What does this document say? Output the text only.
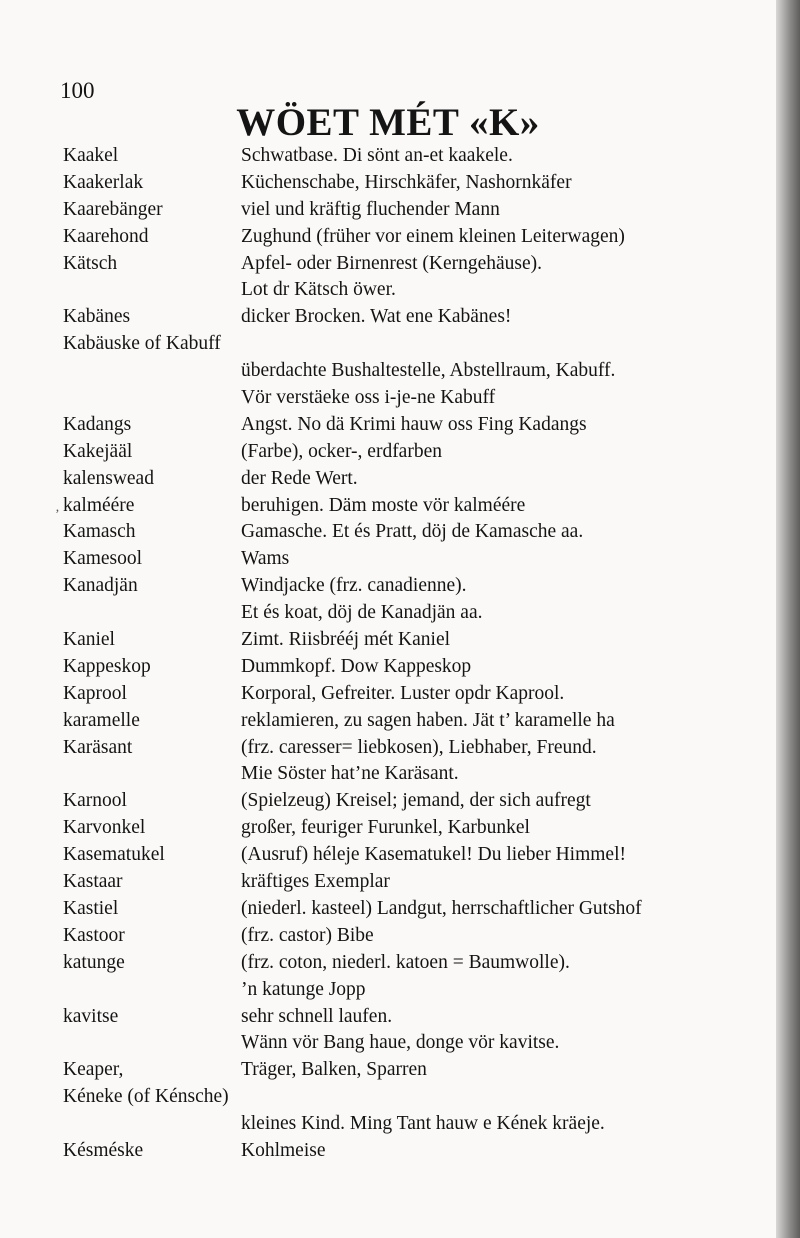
100
WÖET MÉT «K»
‚
Kaakel	Schwatbase. Di sönt an-et kaakele.
Kaakerlak	Küchenschabe, Hirschkäfer, Nashornkäfer
Kaarebänger	viel und kräftig fluchender Mann
Kaarehond	Zughund (früher vor einem kleinen Leiterwagen)
Kätsch	Apfel- oder Birnenrest (Kerngehäuse).
Lot dr Kätsch öwer.
Kabänes	dicker Brocken. Wat ene Kabänes!
Kabäuske of Kabuff
überdachte Bushaltestelle, Abstellraum, Kabuff.
Vör verstäeke oss i-je-ne Kabuff
Kadangs	Angst. No dä Krimi hauw oss Fing Kadangs
Kakejääl	(Farbe), ocker-, erdfarben
kalenswead	der Rede Wert.
kalméére	beruhigen. Däm moste vör kalméére
Kamasch	Gamasche. Et és Pratt, döj de Kamasche aa.
Kamesool	Wams
Kanadjän	Windjacke (frz. canadienne).
Et és koat, döj de Kanadjän aa.
Kaniel	Zimt. Riisbrééj mét Kaniel
Kappeskop	Dummkopf. Dow Kappeskop
Kaprool	Korporal, Gefreiter. Luster opdr Kaprool.
karamelle	reklamieren, zu sagen haben. Jät t’ karamelle ha
Karäsant	(frz. caresser= liebkosen), Liebhaber, Freund.
Mie Söster hat’ne Karäsant.
Karnool	(Spielzeug) Kreisel; jemand, der sich aufregt
Karvonkel	großer, feuriger Furunkel, Karbunkel
Kasematukel	(Ausruf) héleje Kasematukel! Du lieber Himmel!
Kastaar	kräftiges Exemplar
Kastiel	(niederl. kasteel) Landgut, herrschaftlicher Gutshof
Kastoor	(frz. castor) Bibe
katunge	(frz. coton, niederl. katoen = Baumwolle).
’n katunge Jopp
kavitse	sehr schnell laufen.
Wänn vör Bang haue, donge vör kavitse.
Keaper,	Träger, Balken, Sparren
Kéneke (of Kénsche)
kleines Kind. Ming Tant hauw e Kének kräeje.
Késméske	Kohlmeise
